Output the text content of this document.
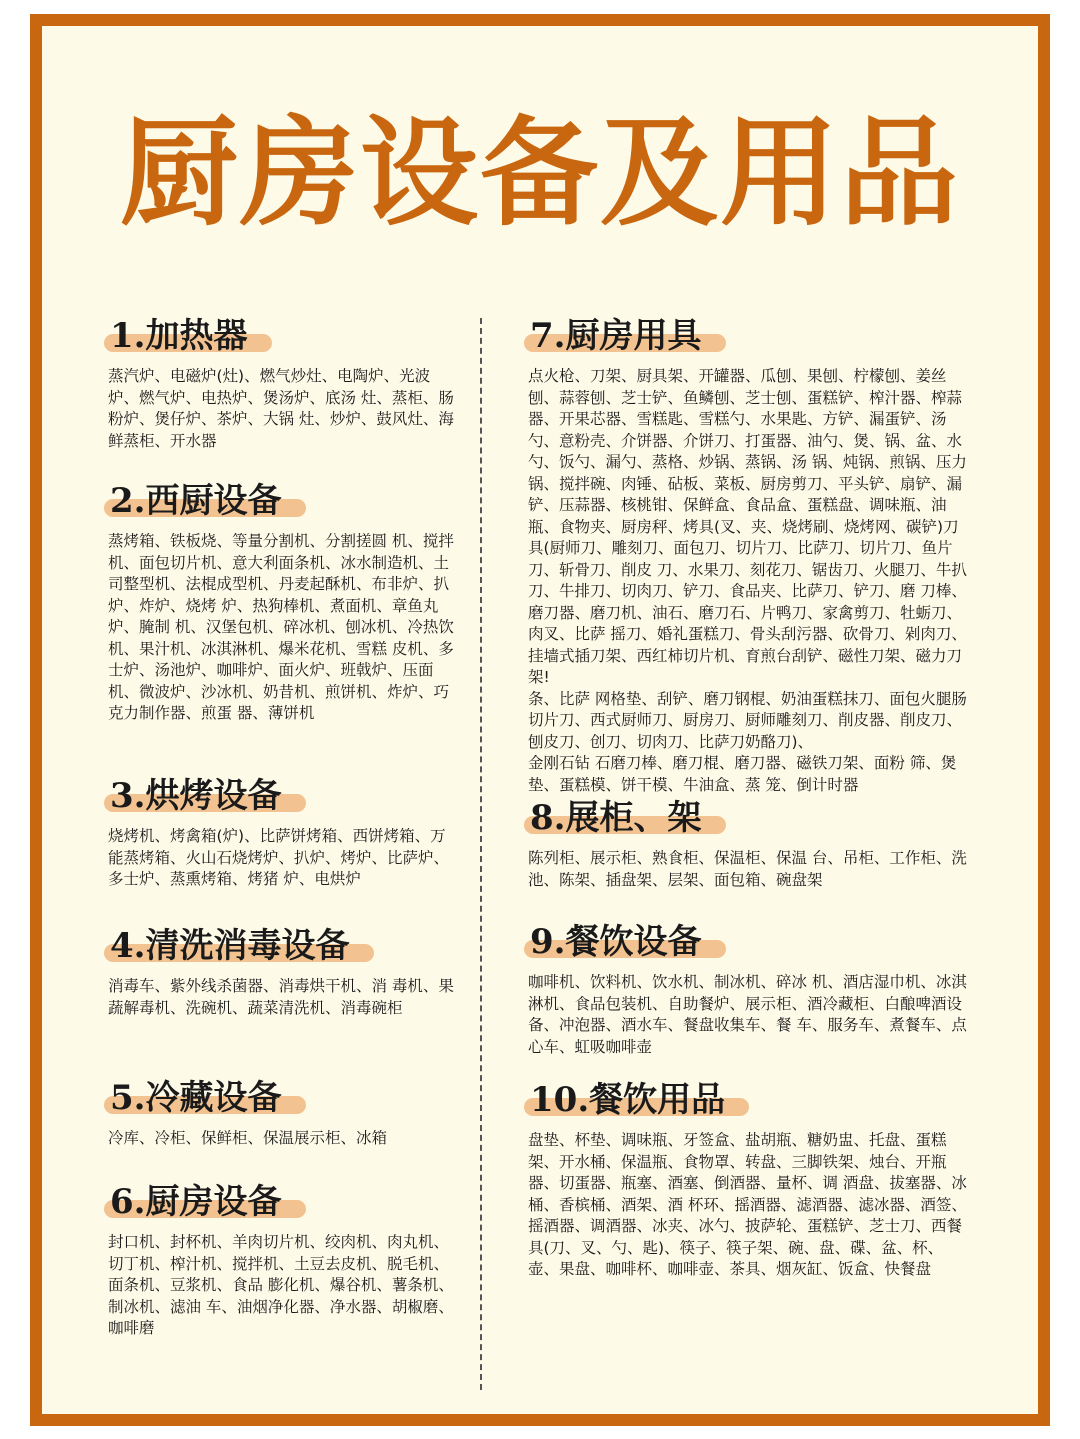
厨房设备及用品
1.加热器
蒸汽炉、电磁炉(灶)、燃气炒灶、电陶炉、光波炉、燃气炉、电热炉、煲汤炉、底汤 灶、蒸柜、肠粉炉、煲仔炉、茶炉、大锅 灶、炒炉、鼓风灶、海鲜蒸柜、开水器
2.西厨设备
蒸烤箱、铁板烧、等量分割机、分割搓圆 机、搅拌机、面包切片机、意大利面条机、冰水制造机、土司整型机、法棍成型机、丹麦起酥机、布非炉、扒炉、炸炉、烧烤 炉、热狗棒机、煮面机、章鱼丸炉、腌制 机、汉堡包机、碎冰机、刨冰机、冷热饮 机、果汁机、冰淇淋机、爆米花机、雪糕 皮机、多士炉、汤池炉、咖啡炉、面火炉、班戟炉、压面机、微波炉、沙冰机、奶昔机、煎饼机、炸炉、巧克力制作器、煎蛋 器、薄饼机
3.烘烤设备
烧烤机、烤禽箱(炉)、比萨饼烤箱、西饼烤箱、万能蒸烤箱、火山石烧烤炉、扒炉、烤炉、比萨炉、多士炉、蒸熏烤箱、烤猪 炉、电烘炉
4.清洗消毒设备
消毒车、紫外线杀菌器、消毒烘干机、消 毒机、果蔬解毒机、洗碗机、蔬菜清洗机、消毒碗柜
5.冷藏设备
冷库、冷柜、保鲜柜、保温展示柜、冰箱
6.厨房设备
封口机、封杯机、羊肉切片机、绞肉机、肉丸机、切丁机、榨汁机、搅拌机、土豆去皮机、脱毛机、面条机、豆浆机、食品 膨化机、爆谷机、薯条机、制冰机、滤油 车、油烟净化器、净水器、胡椒磨、咖啡磨
7.厨房用具

点火枪、刀架、厨具架、开罐器、瓜刨、果刨、柠檬刨、姜丝刨、蒜蓉刨、芝士铲、鱼鳞刨、芝士刨、蛋糕铲、榨汁器、榨蒜 器、开果芯器、雪糕匙、雪糕勺、水果匙、方铲、漏蛋铲、汤勺、意粉壳、介饼器、介饼刀、打蛋器、油勺、煲、锅、盆、水 勺、饭勺、漏勺、蒸格、炒锅、蒸锅、汤 锅、炖锅、煎锅、压力锅、搅拌碗、肉锤、砧板、菜板、厨房剪刀、平头铲、扇铲、漏铲、压蒜器、核桃钳、保鲜盒、食品盒、蛋糕盘、调味瓶、油瓶、食物夹、厨房秤、烤具(叉、夹、烧烤刷、烧烤网、碳铲)刀具(厨师刀、雕刻刀、面包刀、切片刀、比萨刀、切片刀、鱼片刀、斩骨刀、削皮 刀、水果刀、刻花刀、锯齿刀、火腿刀、牛扒刀、牛排刀、切肉刀、铲刀、食品夹、比萨刀、铲刀、磨 刀棒、磨刀器、磨刀机、油石、磨刀石、片鸭刀、家禽剪刀、牡蛎刀、肉叉、比萨 摇刀、婚礼蛋糕刀、骨头刮污器、砍骨刀、剁肉刀、挂墙式插刀架、西红柿切片机、育煎台刮铲、磁性刀架、磁力刀架!

条、比萨 网格垫、刮铲、磨刀钢棍、奶油蛋糕抹刀、面包火腿肠切片刀、西式厨师刀、厨房刀、厨师雕刻刀、削皮器、削皮刀、刨皮刀、创刀、切肉刀、比萨刀奶酪刀)、

金刚石钻 石磨刀棒、磨刀棍、磨刀器、磁铁刀架、面粉 筛、煲垫、蛋糕模、饼干模、牛油盒、蒸 笼、倒计时器

8.展柜、架
陈列柜、展示柜、熟食柜、保温柜、保温 台、吊柜、工作柜、洗池、陈架、插盘架、层架、面包箱、碗盘架
9.餐饮设备
咖啡机、饮料机、饮水机、制冰机、碎冰 机、酒店湿巾机、冰淇淋机、食品包装机、自助餐炉、展示柜、酒冷藏柜、白酿啤酒设备、冲泡器、酒水车、餐盘收集车、餐 车、服务车、煮餐车、点心车、虹吸咖啡壶
10.餐饮用品
盘垫、杯垫、调味瓶、牙签盒、盐胡瓶、糖奶盅、托盘、蛋糕架、开水桶、保温瓶、食物罩、转盘、三脚铁架、烛台、开瓶器、切蛋器、瓶塞、酒塞、倒酒器、量杯、调 酒盘、拔塞器、冰桶、香槟桶、酒架、酒 杯环、摇酒器、滤酒器、滤冰器、酒签、摇酒器、调酒器、冰夹、冰勺、披萨轮、蛋糕铲、芝士刀、西餐具(刀、叉、勺、匙)、筷子、筷子架、碗、盘、碟、盆、杯、壶、果盘、咖啡杯、咖啡壶、茶具、烟灰缸、饭盒、快餐盘
